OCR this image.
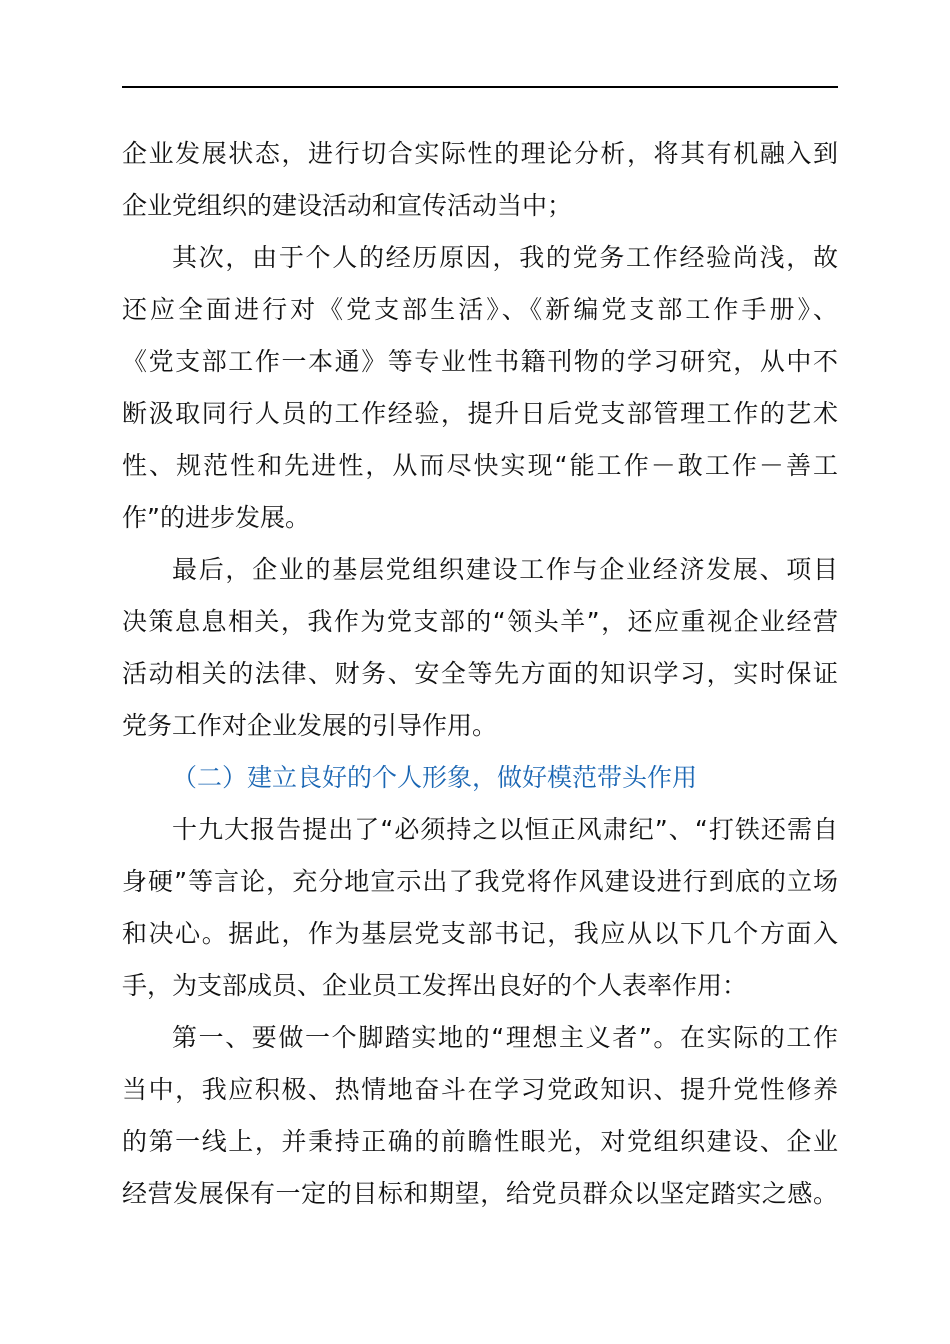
企业发展状态，进行切合实际性的理论分析，将其有机融入到
企业党组织的建设活动和宣传活动当中；
其次，由于个人的经历原因，我的党务工作经验尚浅，故
还应全面进行对《党支部生活》、《新编党支部工作手册》、
《党支部工作一本通》等专业性书籍刊物的学习研究，从中不
断汲取同行人员的工作经验，提升日后党支部管理工作的艺术
性、规范性和先进性，从而尽快实现“能工作－敢工作－善工
作”的进步发展。
最后，企业的基层党组织建设工作与企业经济发展、项目
决策息息相关，我作为党支部的“领头羊”，还应重视企业经营
活动相关的法律、财务、安全等先方面的知识学习，实时保证
党务工作对企业发展的引导作用。
（二）建立良好的个人形象，做好模范带头作用
十九大报告提出了“必须持之以恒正风肃纪”、“打铁还需自
身硬”等言论，充分地宣示出了我党将作风建设进行到底的立场
和决心。据此，作为基层党支部书记，我应从以下几个方面入
手，为支部成员、企业员工发挥出良好的个人表率作用：
第一、要做一个脚踏实地的“理想主义者”。在实际的工作
当中，我应积极、热情地奋斗在学习党政知识、提升党性修养
的第一线上，并秉持正确的前瞻性眼光，对党组织建设、企业
经营发展保有一定的目标和期望，给党员群众以坚定踏实之感。
